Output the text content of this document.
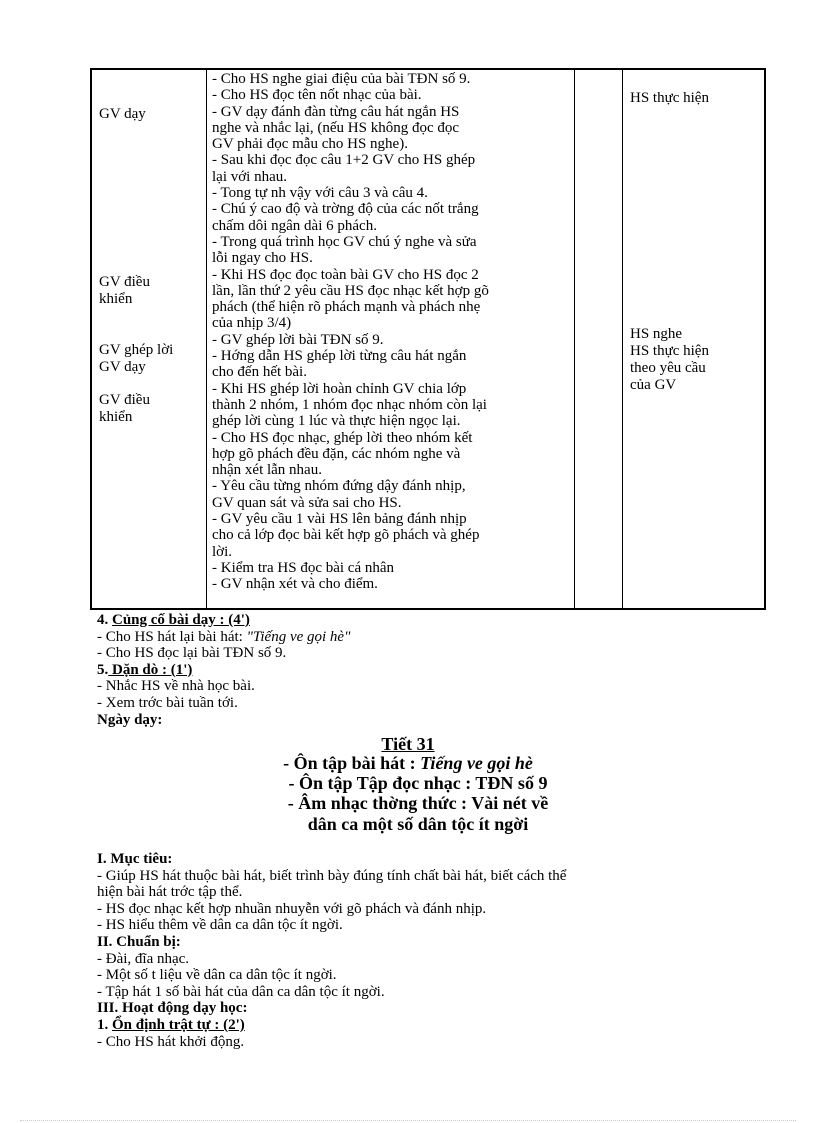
GV dạy
GV điều
khiển
GV ghép lời
GV dạy
GV điều
khiển
- Cho HS nghe giai điệu của bài TĐN số 9.
- Cho HS đọc tên nốt nhạc của bài.
- GV dạy đánh đàn từng câu hát ngắn HS
nghe và nhắc lại, (nếu HS không đọc đọc
GV phải đọc mẫu cho HS nghe).
- Sau khi đọc đọc câu 1+2 GV cho HS ghép
lại với nhau.
- Tong tự nh vậy với câu 3 và câu 4.
- Chú ý cao độ và trờng độ của các nốt trắng
chấm dôi ngân dài 6 phách.
- Trong quá trình học GV chú ý nghe và sửa
lỗi ngay cho HS.
- Khi HS đọc đọc toàn bài GV cho HS đọc 2
lần, lần thứ 2 yêu cầu HS đọc nhạc kết hợp gõ
phách (thể hiện rõ phách mạnh và phách nhẹ
của nhịp 3/4)
- GV ghép lời bài TĐN số 9.
- Hớng dẫn HS ghép lời từng câu hát ngắn
cho đến hết bài.
- Khi HS ghép lời hoàn chỉnh GV chia lớp
thành 2 nhóm, 1 nhóm đọc nhạc nhóm còn lại
ghép lời cùng 1 lúc và thực hiện ngọc lại.
- Cho HS đọc nhạc, ghép lời theo nhóm kết
hợp gõ phách đều đặn, các nhóm nghe và
nhận xét lẫn nhau.
- Yêu cầu từng nhóm đứng dậy đánh nhịp,
GV quan sát và sửa sai cho HS.
- GV yêu cầu 1 vài HS lên bảng đánh nhịp
cho cả lớp đọc bài kết hợp gõ phách và ghép
lời.
- Kiểm tra HS đọc bài cá nhân
- GV nhận xét và cho điểm.
HS thực hiện
HS nghe
HS thực hiện
theo yêu cầu
của GV
4. Củng cố bài dạy : (4')
- Cho HS hát lại bài hát: "Tiếng ve gọi hè"
- Cho HS đọc lại bài TĐN số 9.
5. Dặn dò : (1')
- Nhắc HS về nhà học bài.
- Xem trớc bài tuần tới.
Ngày dạy:
Tiết 31
- Ôn tập bài hát : Tiếng ve gọi hè
- Ôn tập Tập đọc nhạc : TĐN số 9
- Âm nhạc thờng thức : Vài nét về
dân ca một số dân tộc ít ngời
I. Mục tiêu:
- Giúp HS hát thuộc bài hát, biết trình bày đúng tính chất bài hát, biết cách thể
hiện bài hát trớc tập thể.
- HS đọc nhạc kết hợp nhuần nhuyễn với gõ phách và đánh nhịp.
- HS hiểu thêm về dân ca dân tộc ít ngời.
II. Chuẩn bị:
- Đài, đĩa nhạc.
- Một số t liệu về dân ca dân tộc ít ngời.
- Tập hát 1 số bài hát của dân ca dân tộc ít ngời.
III. Hoạt động dạy học:
1. Ổn định trật tự : (2')
- Cho HS hát khởi động.
